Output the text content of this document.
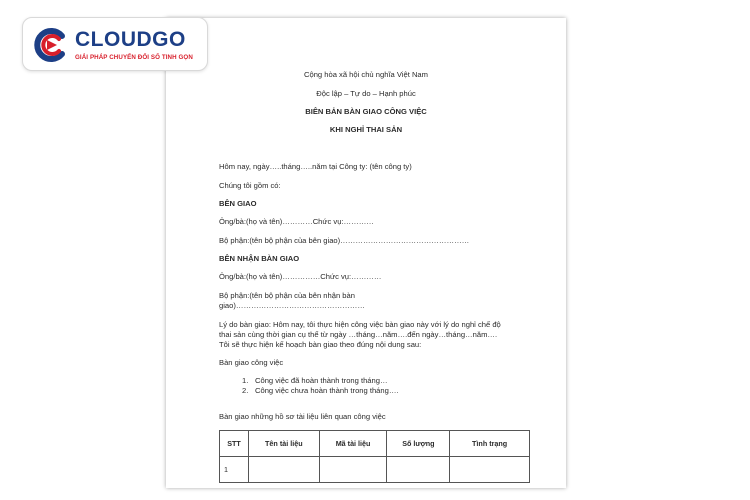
CLOUDGO
GIẢI PHÁP CHUYỂN ĐỔI SỐ TINH GỌN
Cộng hòa xã hội chủ nghĩa Việt Nam
Độc lập – Tự do – Hạnh phúc
BIÊN BẢN BÀN GIAO CÔNG VIỆC
KHI NGHỈ THAI SẢN
Hôm nay, ngày…..tháng…..năm tại Công ty: (tên công ty)
Chúng tôi gồm có:
BÊN GIAO
Ông/bà:(họ và tên)…………Chức vụ:…………
Bộ phận:(tên bộ phận của bên giao)……………………………………………
BÊN NHẬN BÀN GIAO
Ông/bà:(họ và tên)……………Chức vụ:…………
Bộ phận:(tên bộ phận của bên nhận bàn
giao)……………………………………………
Lý do bàn giao: Hôm nay, tôi thực hiện công việc bàn giao này với lý do nghỉ chế độ
thai sản cùng thời gian cụ thể từ ngày …tháng…năm….đến ngày…tháng…năm….
Tôi sẽ thực hiện kế hoạch bàn giao theo đúng nội dung sau:
Bàn giao công việc
1. Công việc đã hoàn thành trong tháng…
2. Công việc chưa hoàn thành trong tháng….
Bàn giao những hồ sơ tài liệu liên quan công việc
STT	Tên tài liệu	Mã tài liệu	Số lượng	Tình trạng
1				
